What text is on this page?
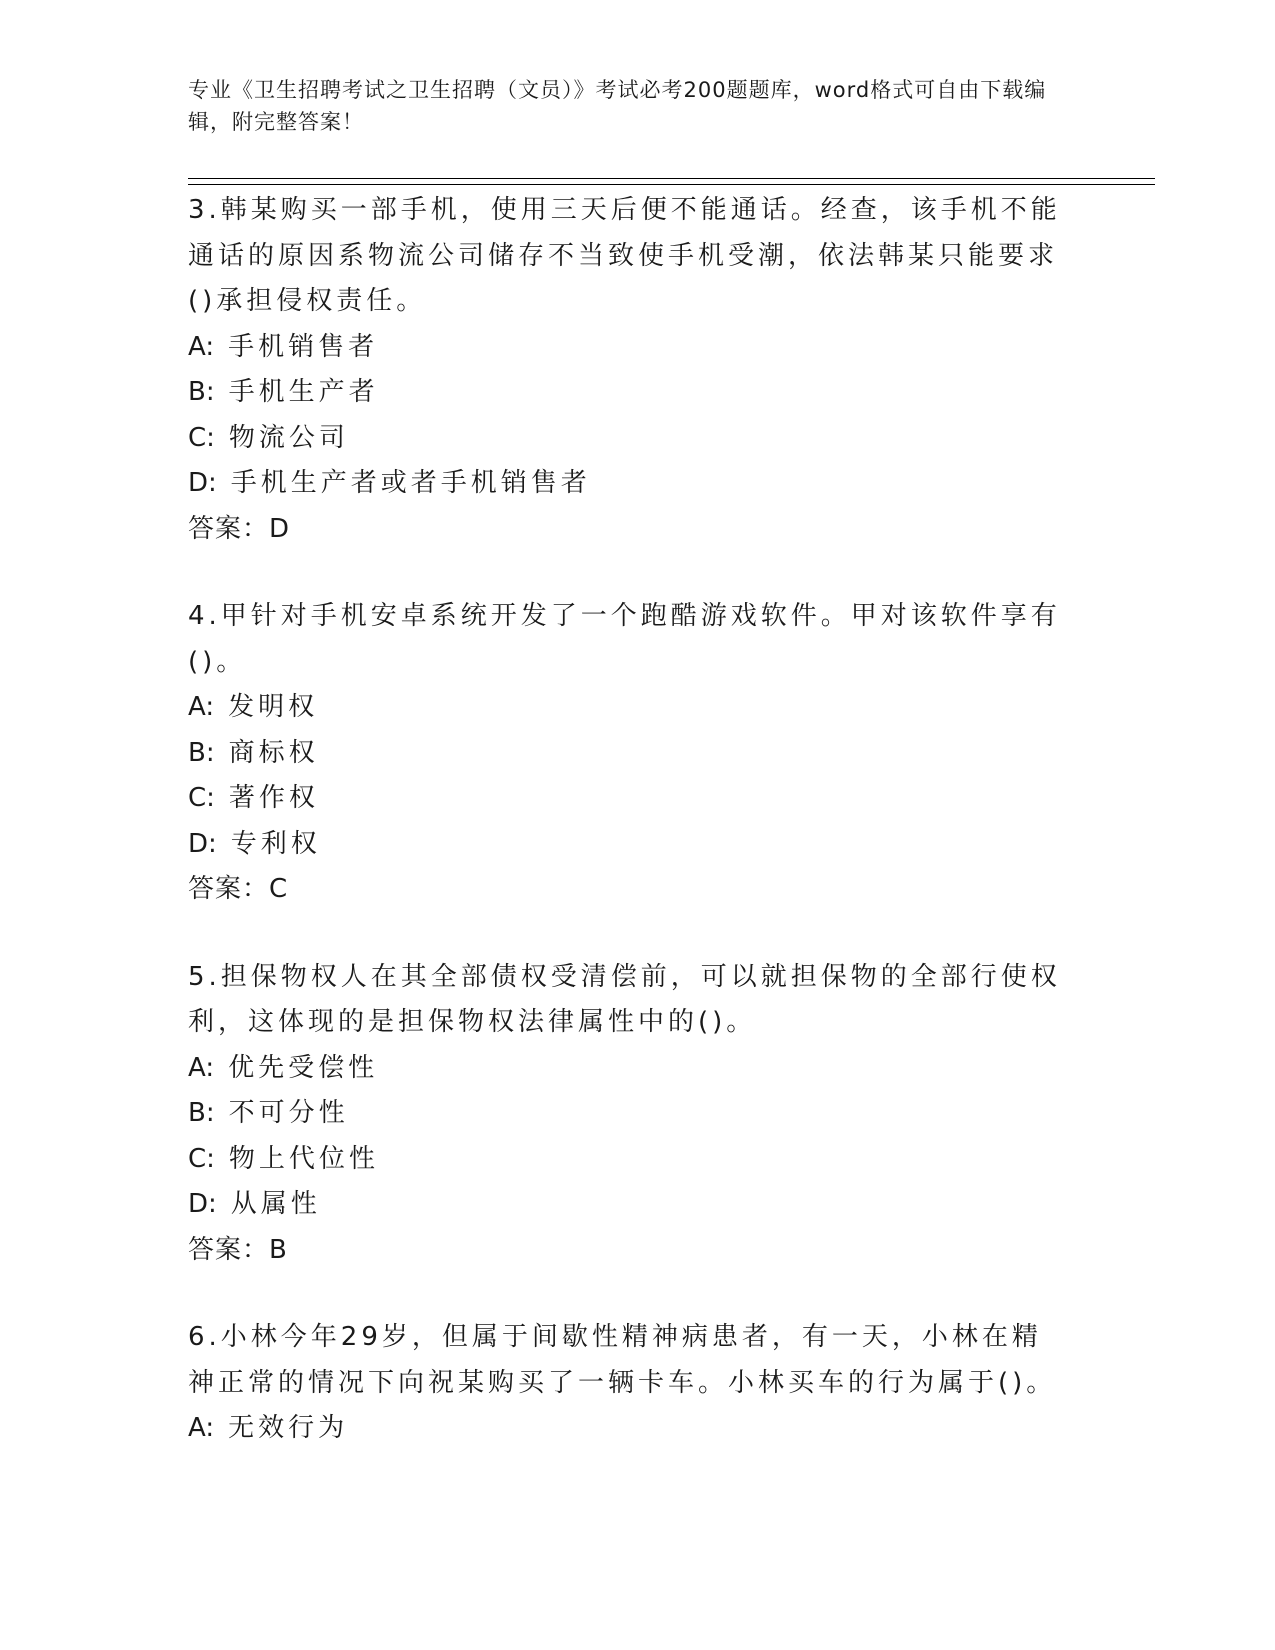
专业《卫生招聘考试之卫生招聘（文员）》考试必考200题题库，word格式可自由下载编辑，附完整答案！
3.韩某购买一部手机，使用三天后便不能通话。经查，该手机不能通话的原因系物流公司储存不当致使手机受潮，依法韩某只能要求()承担侵权责任。
A: 手机销售者
B: 手机生产者
C: 物流公司
D: 手机生产者或者手机销售者
答案：D
4.甲针对手机安卓系统开发了一个跑酷游戏软件。甲对该软件享有()。
A: 发明权
B: 商标权
C: 著作权
D: 专利权
答案：C
5.担保物权人在其全部债权受清偿前，可以就担保物的全部行使权利，这体现的是担保物权法律属性中的()。
A: 优先受偿性
B: 不可分性
C: 物上代位性
D: 从属性
答案：B
6.小林今年29岁，但属于间歇性精神病患者，有一天，小林在精神正常的情况下向祝某购买了一辆卡车。小林买车的行为属于()。
A: 无效行为
